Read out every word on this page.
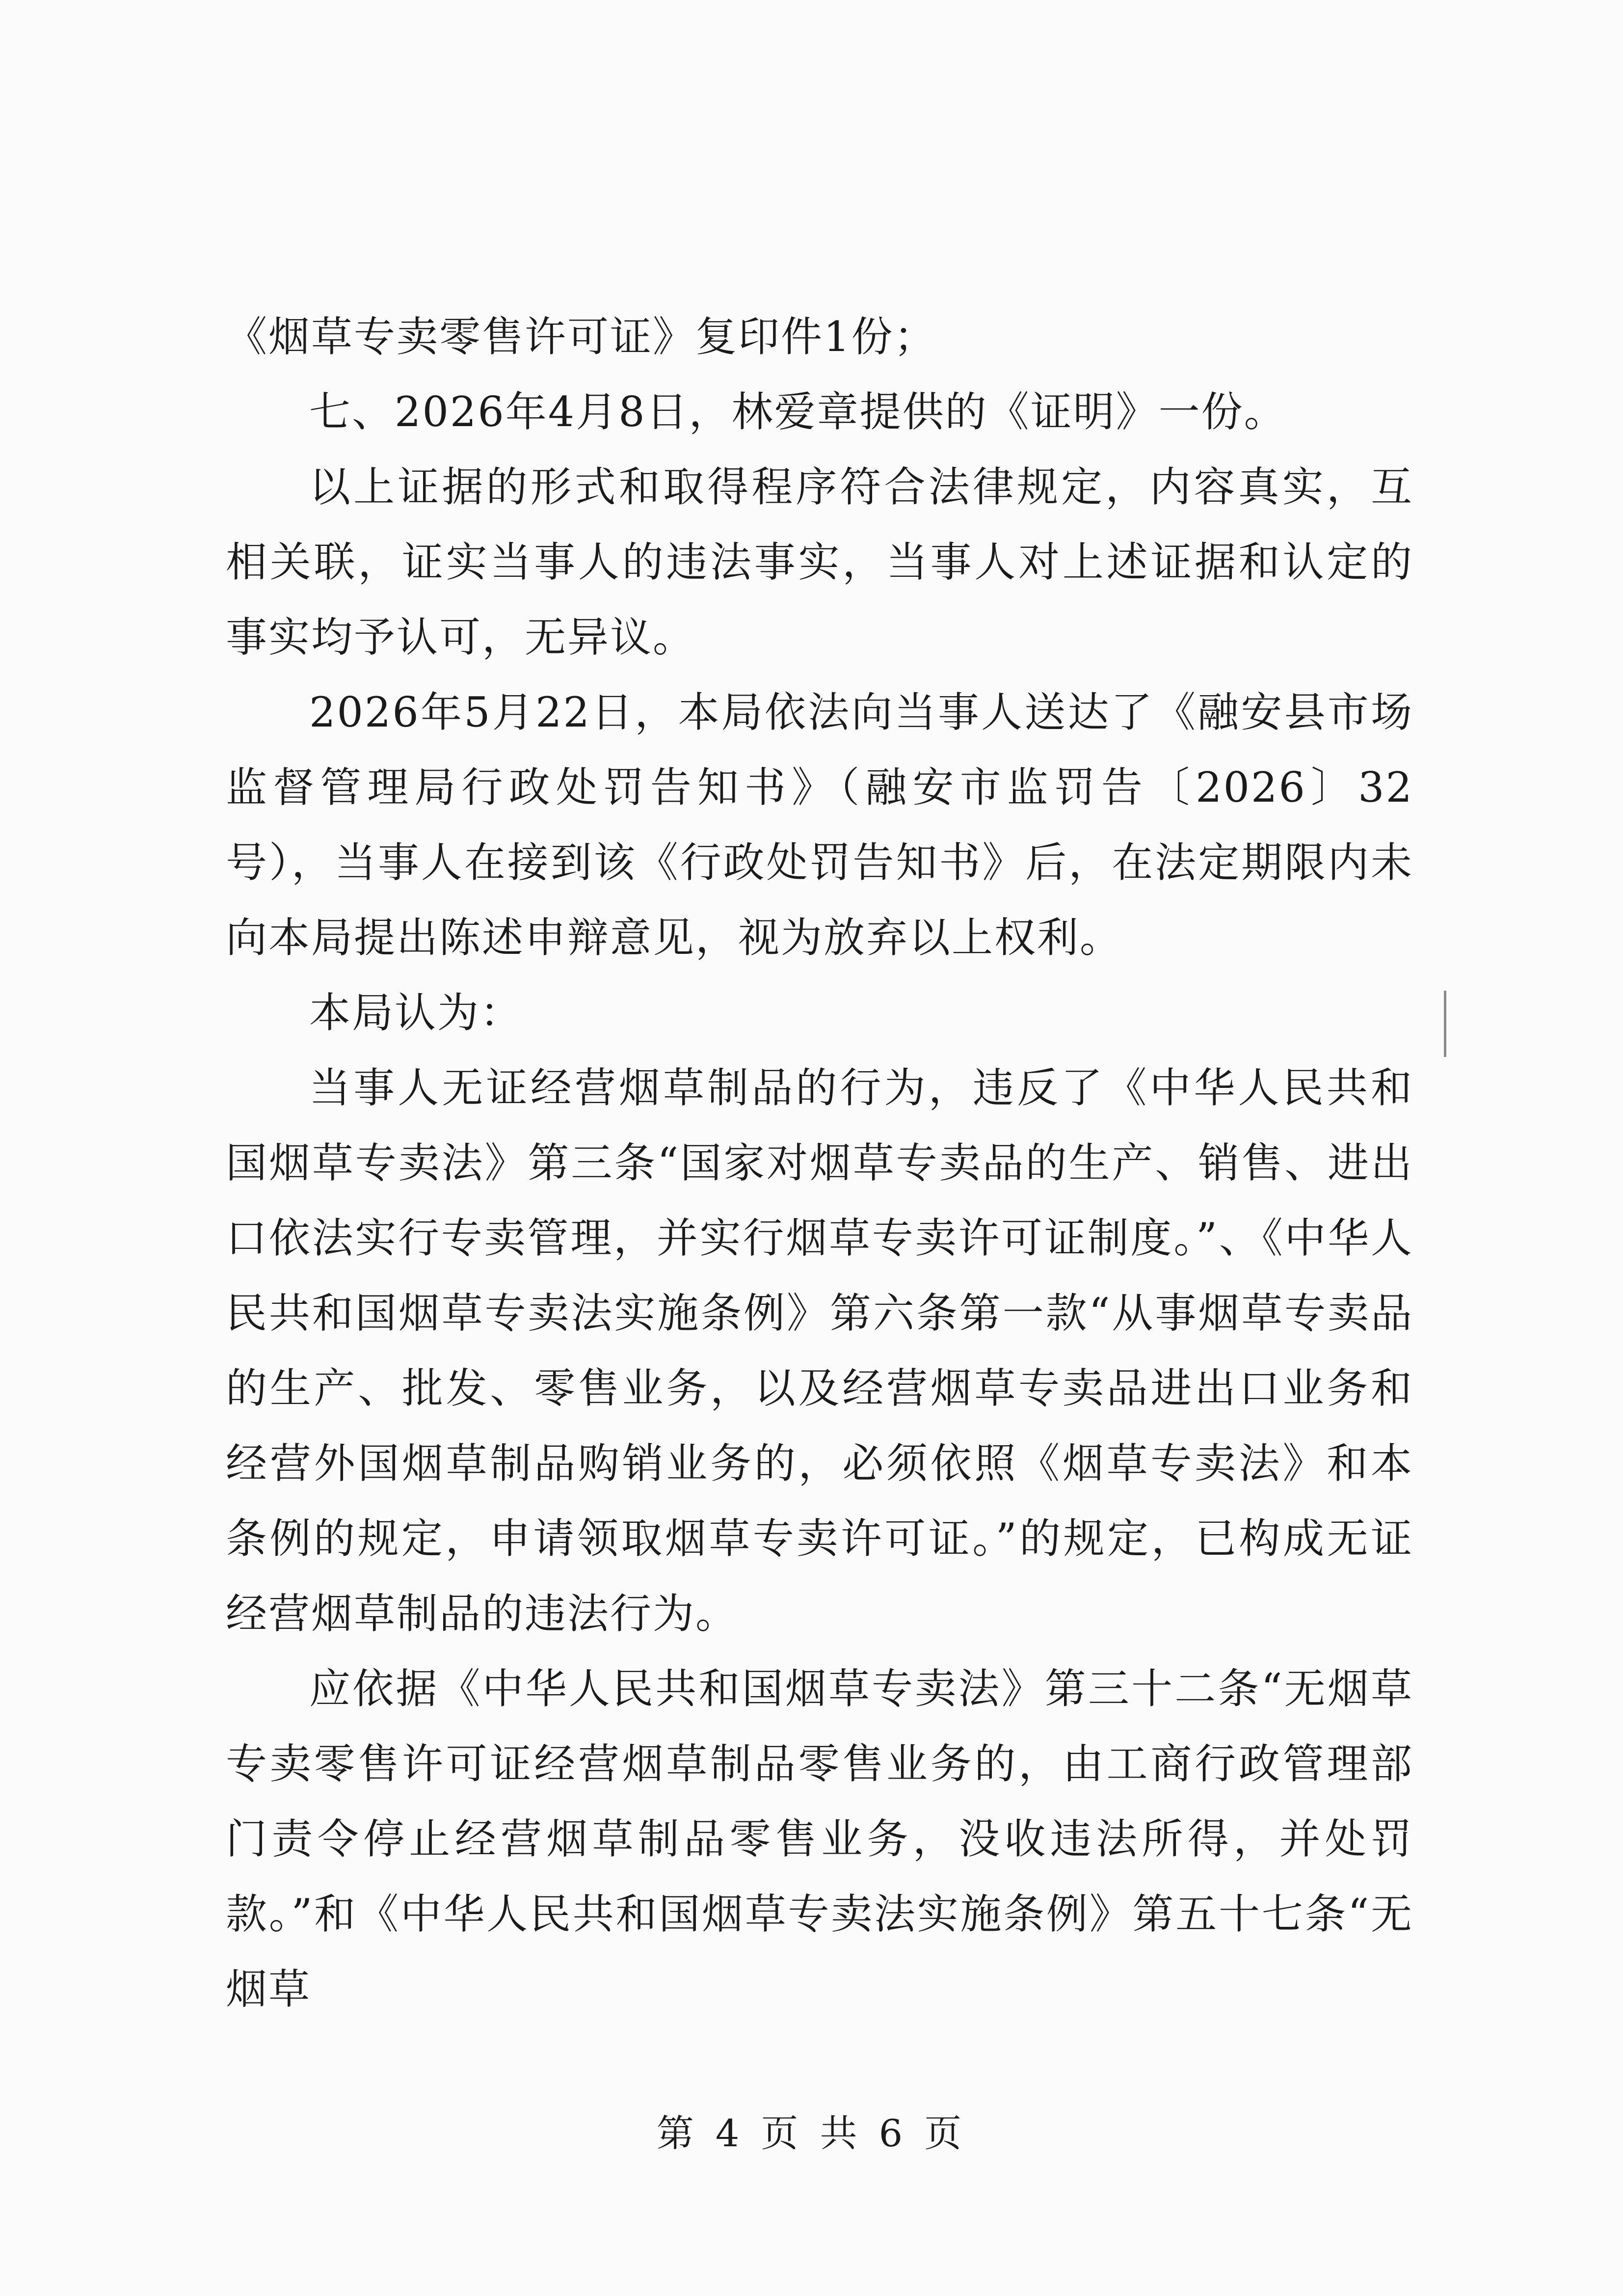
《烟草专卖零售许可证》复印件1份；

七、2026年4月8日，林爱章提供的《证明》一份。

以上证据的形式和取得程序符合法律规定，内容真实，互相关联，证实当事人的违法事实，当事人对上述证据和认定的事实均予认可，无异议。

2026年5月22日，本局依法向当事人送达了《融安县市场监督管理局行政处罚告知书》（融安市监罚告〔2026〕32号），当事人在接到该《行政处罚告知书》后，在法定期限内未向本局提出陈述申辩意见，视为放弃以上权利。

本局认为：

当事人无证经营烟草制品的行为，违反了《中华人民共和国烟草专卖法》第三条“国家对烟草专卖品的生产、销售、进出口依法实行专卖管理，并实行烟草专卖许可证制度。”、《中华人民共和国烟草专卖法实施条例》第六条第一款“从事烟草专卖品的生产、批发、零售业务，以及经营烟草专卖品进出口业务和经营外国烟草制品购销业务的，必须依照《烟草专卖法》和本条例的规定，申请领取烟草专卖许可证。”的规定，已构成无证经营烟草制品的违法行为。

应依据《中华人民共和国烟草专卖法》第三十二条“无烟草专卖零售许可证经营烟草制品零售业务的，由工商行政管理部门责令停止经营烟草制品零售业务，没收违法所得，并处罚款。”和《中华人民共和国烟草专卖法实施条例》第五十七条“无烟草

第 4 页 共 6 页
